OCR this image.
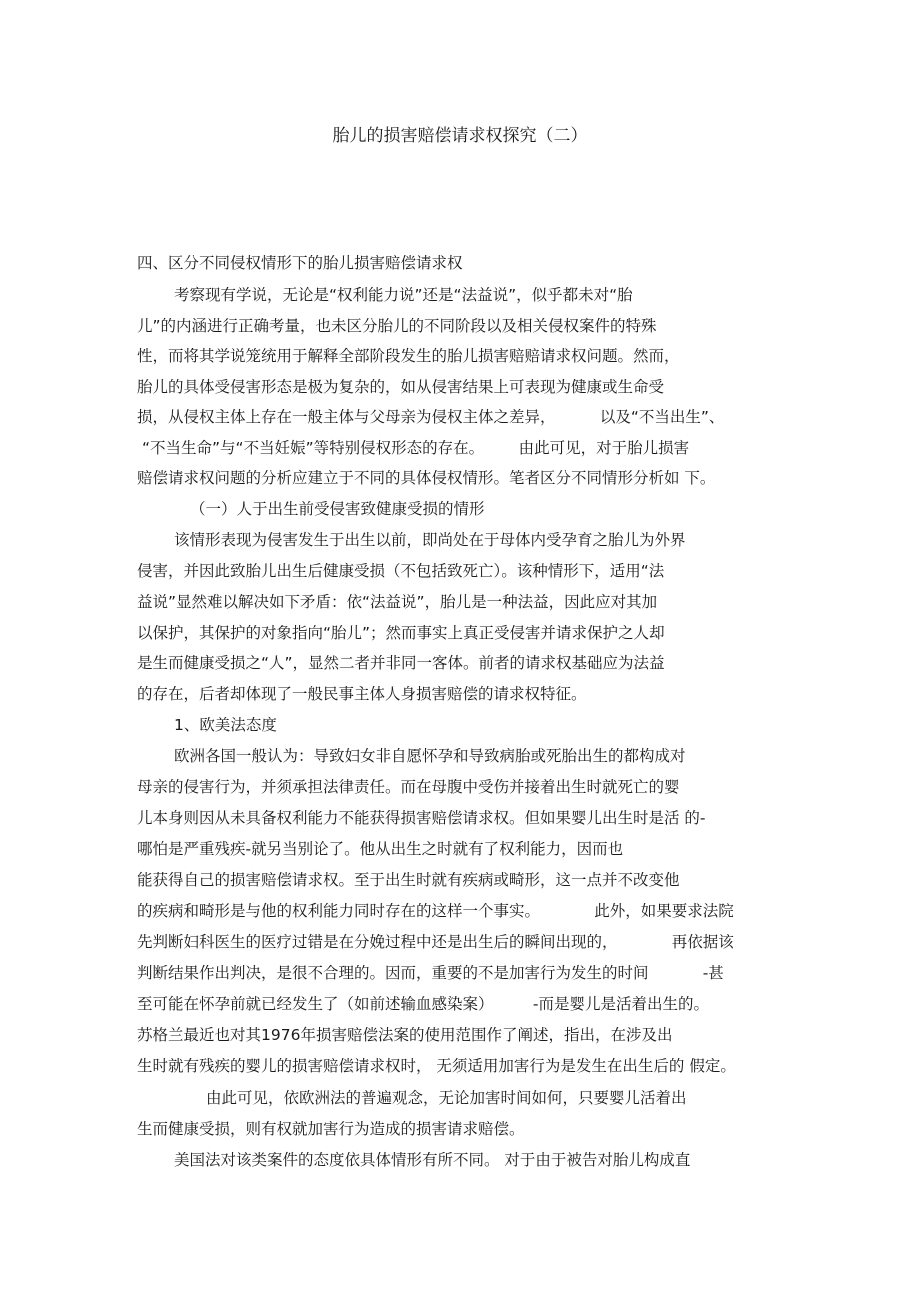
胎儿的损害赔偿请求权探究（二）
四、区分不同侵权情形下的胎儿损害赔偿请求权
考察现有学说，无论是“权利能力说”还是“法益说”，似乎都未对“胎
儿”的内涵进行正确考量，也未区分胎儿的不同阶段以及相关侵权案件的特殊
性，而将其学说笼统用于解释全部阶段发生的胎儿损害赔赔请求权问题。然而，
胎儿的具体受侵害形态是极为复杂的，如从侵害结果上可表现为健康或生命受
损，从侵权主体上存在一般主体与父母亲为侵权主体之差异，         以及“不当出生”、
“不当生命”与“不当妊娠”等特别侵权形态的存在。       由此可见，对于胎儿损害
赔偿请求权问题的分析应建立于不同的具体侵权情形。笔者区分不同情形分析如 下。
（一）人于出生前受侵害致健康受损的情形
该情形表现为侵害发生于出生以前，即尚处在于母体内受孕育之胎儿为外界
侵害，并因此致胎儿出生后健康受损（不包括致死亡）。该种情形下，适用“法
益说”显然难以解决如下矛盾：依“法益说”，胎儿是一种法益，因此应对其加
以保护，其保护的对象指向“胎儿”；然而事实上真正受侵害并请求保护之人却
是生而健康受损之“人”，显然二者并非同一客体。前者的请求权基础应为法益
的存在，后者却体现了一般民事主体人身损害赔偿的请求权特征。
1、欧美法态度
欧洲各国一般认为：导致妇女非自愿怀孕和导致病胎或死胎出生的都构成对
母亲的侵害行为，并须承担法律责任。而在母腹中受伤并接着出生时就死亡的婴
儿本身则因从未具备权利能力不能获得损害赔偿请求权。但如果婴儿出生时是活 的-
哪怕是严重残疾-就另当别论了。他从出生之时就有了权利能力，因而也
能获得自己的损害赔偿请求权。至于出生时就有疾病或畸形，这一点并不改变他
的疾病和畸形是与他的权利能力同时存在的这样一个事实。           此外，如果要求法院
先判断妇科医生的医疗过错是在分娩过程中还是出生后的瞬间出现的，           再依据该
判断结果作出判决，是很不合理的。因而，重要的不是加害行为发生的时间           -甚
至可能在怀孕前就已经发生了（如前述输血感染案）        -而是婴儿是活着出生的。
苏格兰最近也对其1976年损害赔偿法案的使用范围作了阐述，指出，在涉及出
生时就有残疾的婴儿的损害赔偿请求权时， 无须适用加害行为是发生在出生后的 假定。
由此可见，依欧洲法的普遍观念，无论加害时间如何，只要婴儿活着出
生而健康受损，则有权就加害行为造成的损害请求赔偿。
美国法对该类案件的态度依具体情形有所不同。 对于由于被告对胎儿构成直
